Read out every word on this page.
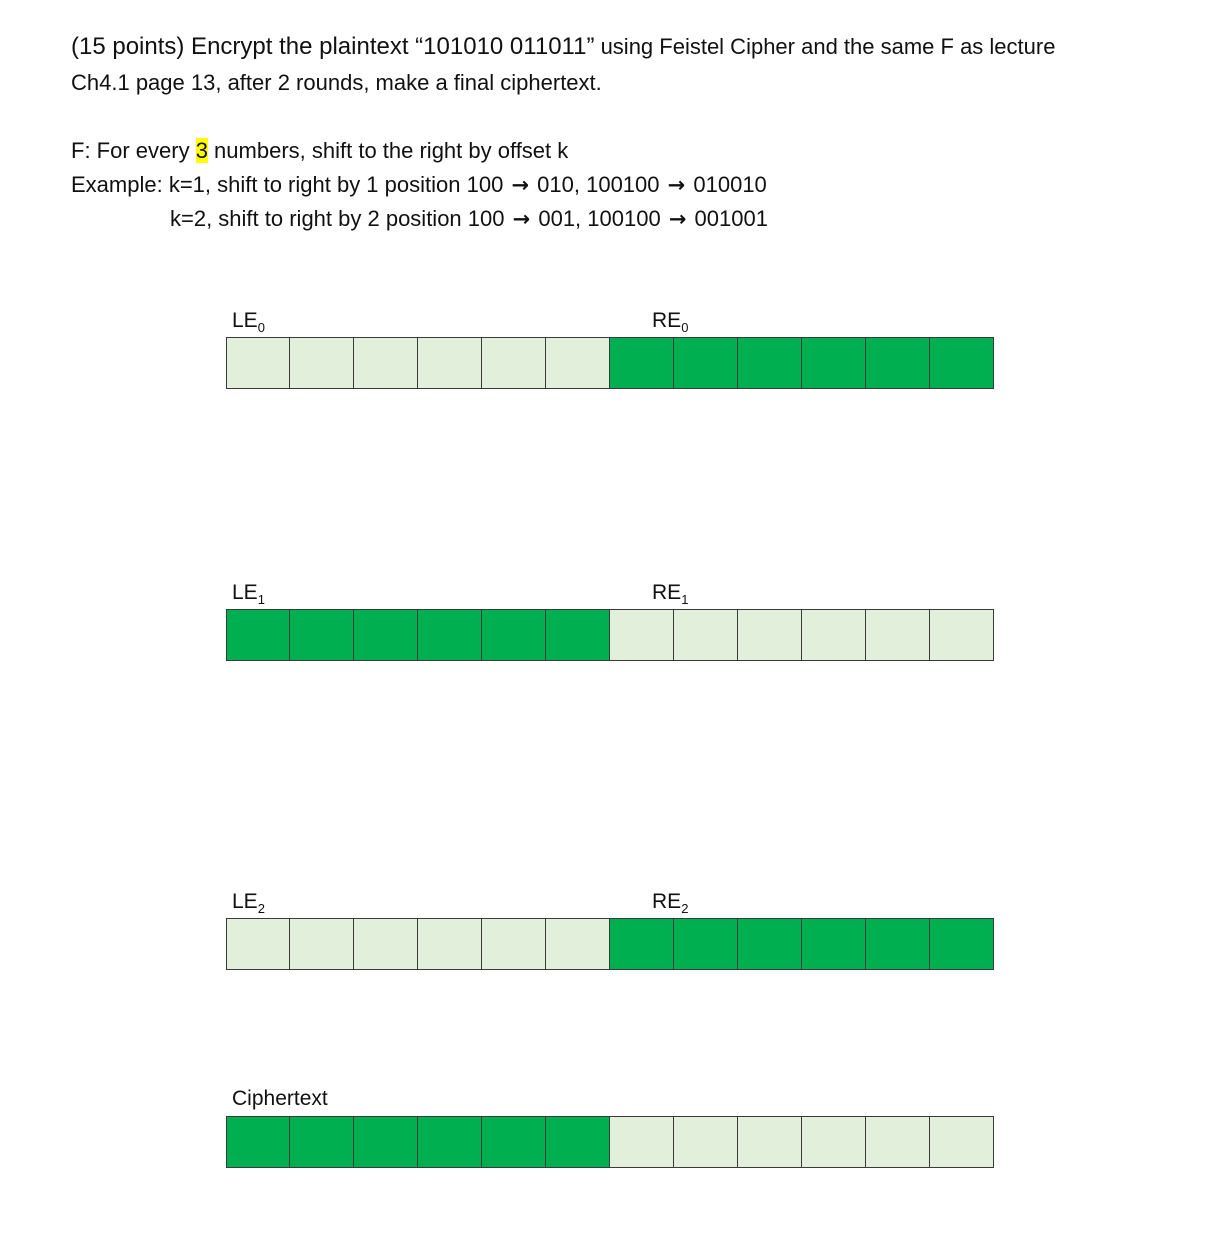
(15 points) Encrypt the plaintext “101010 011011” using Feistel Cipher and the same F as lecture
Ch4.1 page 13, after 2 rounds, make a final ciphertext.
F: For every 3 numbers, shift to the right by offset k
Example: k=1, shift to right by 1 position 100 → 010, 100100 → 010010
k=2, shift to right by 2 position 100 → 001, 100100 → 001001
$LE_0$	$RE_0$
$LE_1$	$RE_1$
$LE_2$	$RE_2$
Ciphertext
